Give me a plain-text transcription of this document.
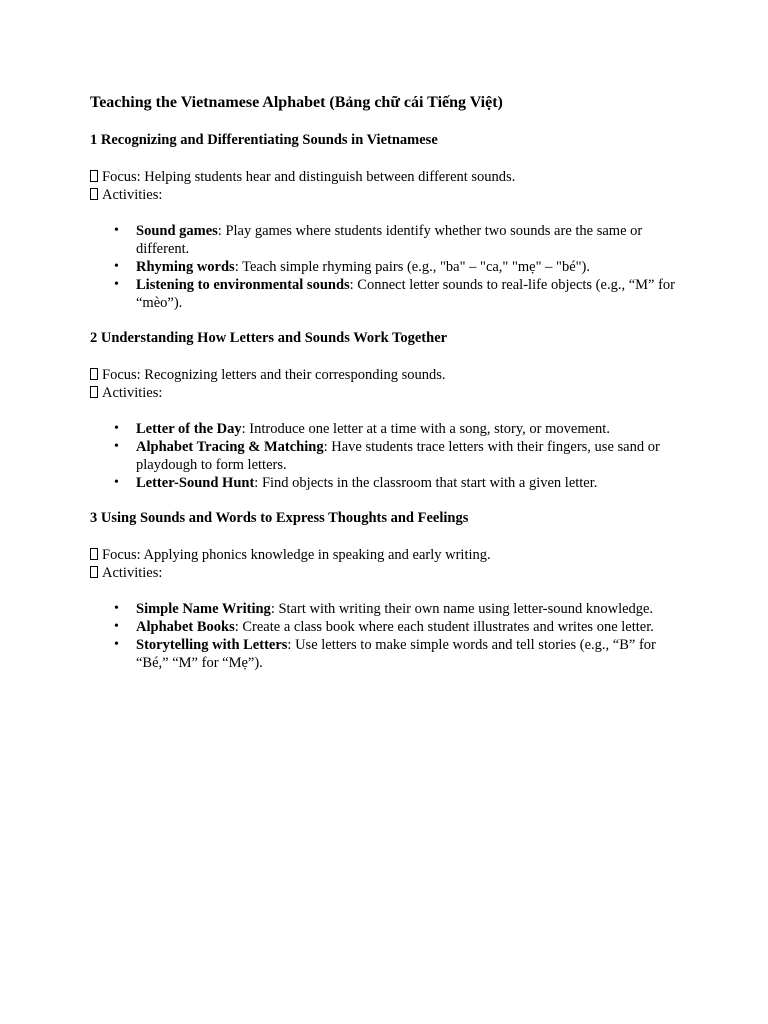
Teaching the Vietnamese Alphabet (Bảng chữ cái Tiếng Việt)
1 Recognizing and Differentiating Sounds in Vietnamese
Focus: Helping students hear and distinguish between different sounds.
Activities:
• Sound games: Play games where students identify whether two sounds are the same or different.
• Rhyming words: Teach simple rhyming pairs (e.g., "ba" – "ca," "mẹ" – "bé").
• Listening to environmental sounds: Connect letter sounds to real-life objects (e.g., “M” for “mèo”).
2 Understanding How Letters and Sounds Work Together
Focus: Recognizing letters and their corresponding sounds.
Activities:
• Letter of the Day: Introduce one letter at a time with a song, story, or movement.
• Alphabet Tracing & Matching: Have students trace letters with their fingers, use sand or playdough to form letters.
• Letter-Sound Hunt: Find objects in the classroom that start with a given letter.
3 Using Sounds and Words to Express Thoughts and Feelings
Focus: Applying phonics knowledge in speaking and early writing.
Activities:
• Simple Name Writing: Start with writing their own name using letter-sound knowledge.
• Alphabet Books: Create a class book where each student illustrates and writes one letter.
• Storytelling with Letters: Use letters to make simple words and tell stories (e.g., “B” for “Bé,” “M” for “Mẹ”).
